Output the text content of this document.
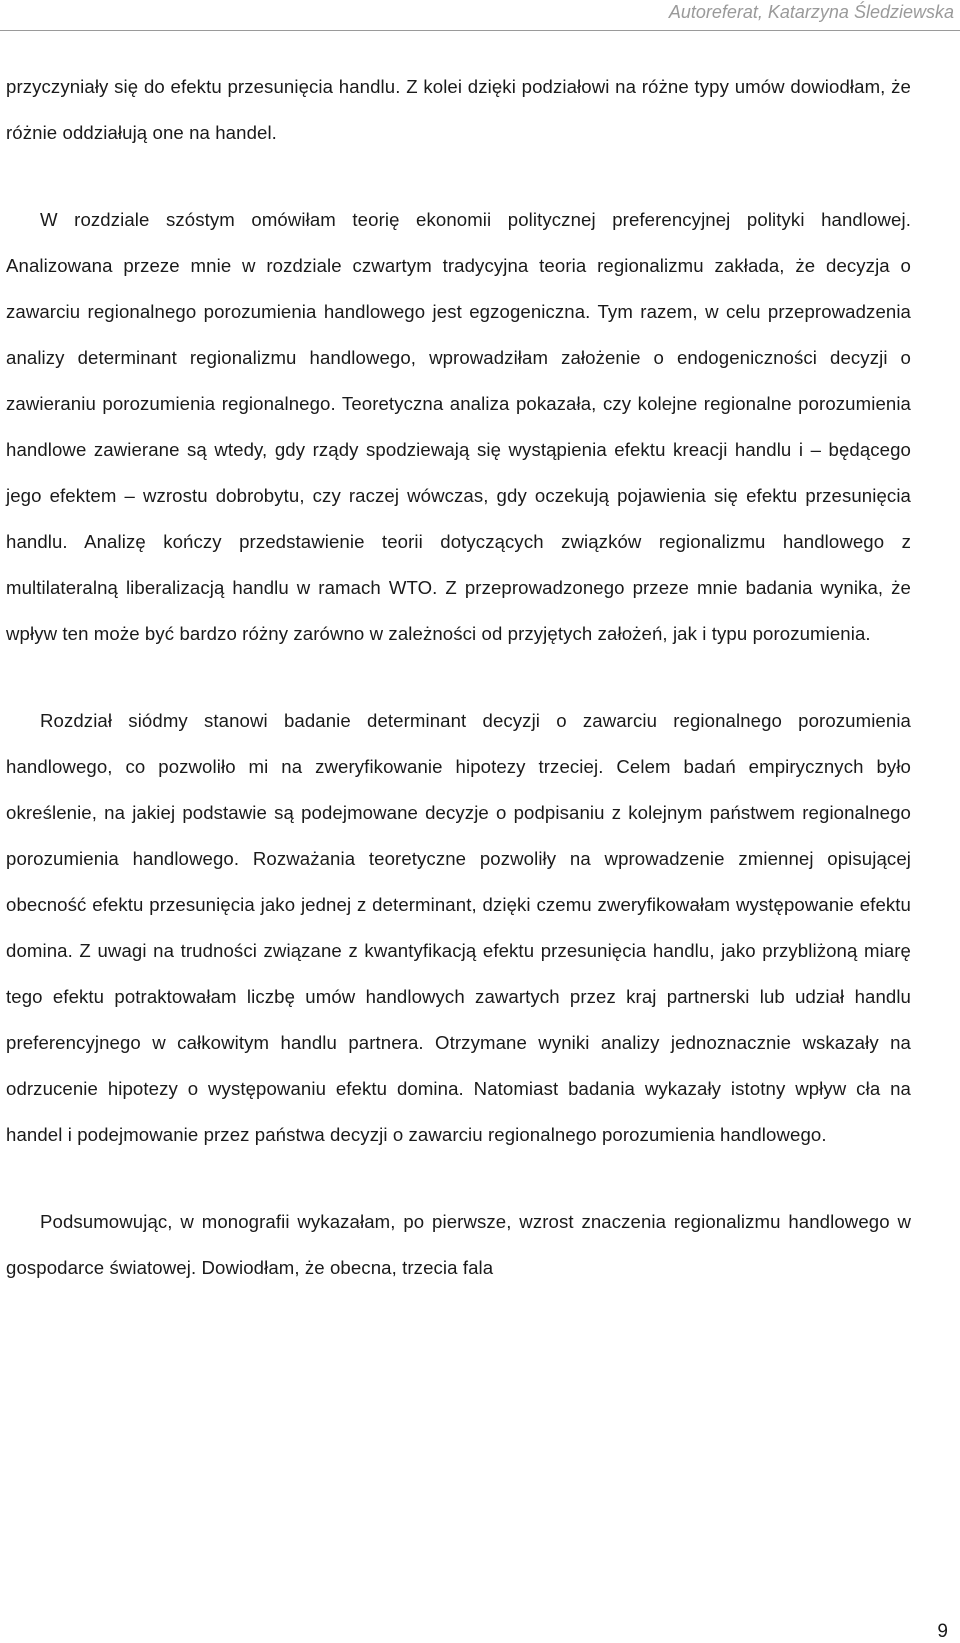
Autoreferat, Katarzyna Śledziewska

przyczyniały się do efektu przesunięcia handlu. Z kolei dzięki podziałowi na różne typy umów dowiodłam, że różnie oddziałują one na handel.

W rozdziale szóstym omówiłam teorię ekonomii politycznej preferencyjnej polityki handlowej. Analizowana przeze mnie w rozdziale czwartym tradycyjna teoria regionalizmu zakłada, że decyzja o zawarciu regionalnego porozumienia handlowego jest egzogeniczna. Tym razem, w celu przeprowadzenia analizy determinant regionalizmu handlowego, wprowadziłam założenie o endogeniczności decyzji o zawieraniu porozumienia regionalnego. Teoretyczna analiza pokazała, czy kolejne regionalne porozumienia handlowe zawierane są wtedy, gdy rządy spodziewają się wystąpienia efektu kreacji handlu i – będącego jego efektem – wzrostu dobrobytu, czy raczej wówczas, gdy oczekują pojawienia się efektu przesunięcia handlu. Analizę kończy przedstawienie teorii dotyczących związków regionalizmu handlowego z multilateralną liberalizacją handlu w ramach WTO. Z przeprowadzonego przeze mnie badania wynika, że wpływ ten może być bardzo różny zarówno w zależności od przyjętych założeń, jak i typu porozumienia.

Rozdział siódmy stanowi badanie determinant decyzji o zawarciu regionalnego porozumienia handlowego, co pozwoliło mi na zweryfikowanie hipotezy trzeciej. Celem badań empirycznych było określenie, na jakiej podstawie są podejmowane decyzje o podpisaniu z kolejnym państwem regionalnego porozumienia handlowego. Rozważania teoretyczne pozwoliły na wprowadzenie zmiennej opisującej obecność efektu przesunięcia jako jednej z determinant, dzięki czemu zweryfikowałam występowanie efektu domina. Z uwagi na trudności związane z kwantyfikacją efektu przesunięcia handlu, jako przybliżoną miarę tego efektu potraktowałam liczbę umów handlowych zawartych przez kraj partnerski lub udział handlu preferencyjnego w całkowitym handlu partnera. Otrzymane wyniki analizy jednoznacznie wskazały na odrzucenie hipotezy o występowaniu efektu domina. Natomiast badania wykazały istotny wpływ cła na handel i podejmowanie przez państwa decyzji o zawarciu regionalnego porozumienia handlowego.

Podsumowując, w monografii wykazałam, po pierwsze, wzrost znaczenia regionalizmu handlowego w gospodarce światowej. Dowiodłam, że obecna, trzecia fala

9
